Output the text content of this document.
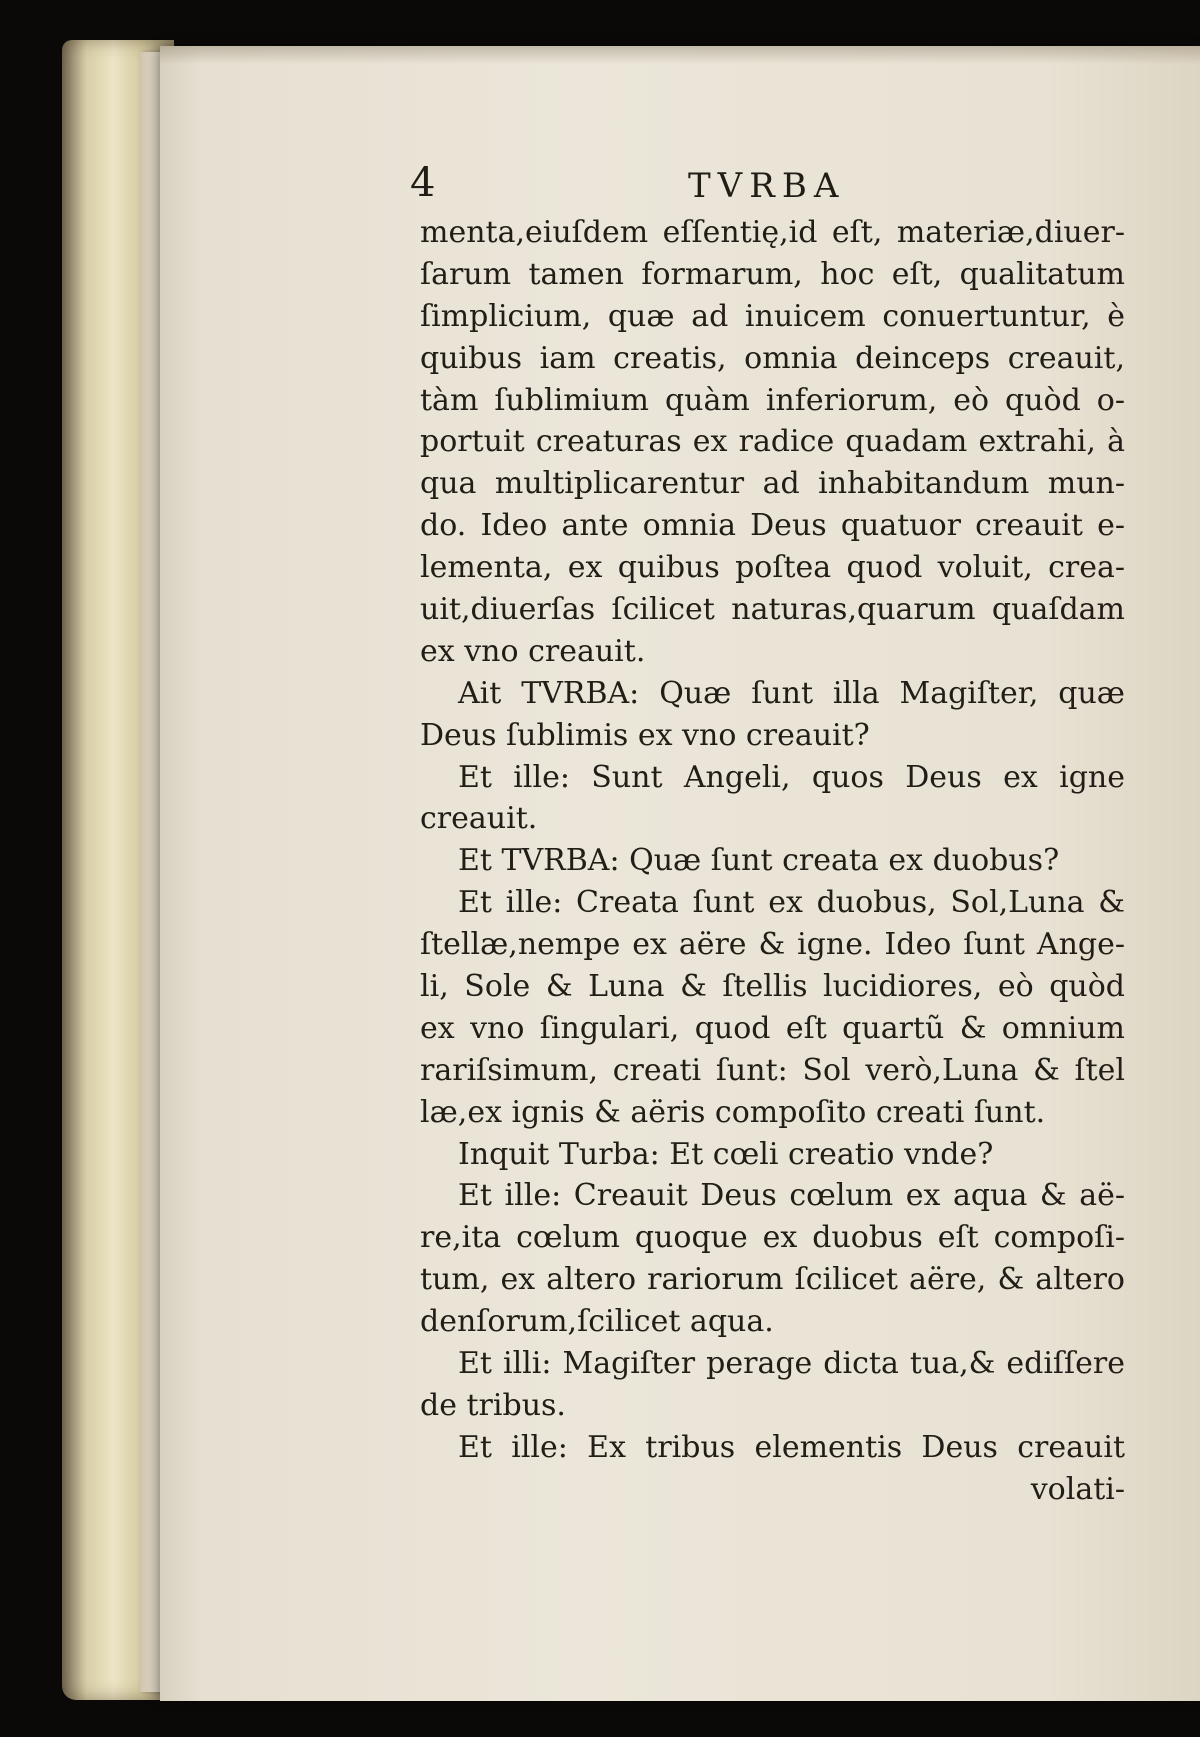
4	TVRBA
menta,eiuſdem eſſentię,id eſt, materiæ,diuer-
ſarum tamen formarum, hoc eſt, qualitatum
ſimplicium, quæ ad inuicem conuertuntur, è
quibus iam creatis, omnia deinceps creauit,
tàm ſublimium quàm inferiorum, eò quòd o-
portuit creaturas ex radice quadam extrahi, à
qua multiplicarentur ad inhabitandum mun-
do. Ideo ante omnia Deus quatuor creauit e-
lementa, ex quibus poſtea quod voluit, crea-
uit,diuerſas ſcilicet naturas,quarum quaſdam
ex vno creauit.
Ait TVRBA: Quæ ſunt illa Magiſter, quæ
Deus ſublimis ex vno creauit?
Et ille: Sunt Angeli, quos Deus ex igne
creauit.
Et TVRBA: Quæ ſunt creata ex duobus?
Et ille: Creata ſunt ex duobus, Sol,Luna &
ſtellæ,nempe ex aëre & igne. Ideo ſunt Ange-
li, Sole & Luna & ſtellis lucidiores, eò quòd
ex vno ſingulari, quod eſt quartũ & omnium
rariſsimum, creati ſunt: Sol verò,Luna & ſtel
læ,ex ignis & aëris compoſito creati ſunt.
Inquit Turba: Et cœli creatio vnde?
Et ille: Creauit Deus cœlum ex aqua & aë-
re,ita cœlum quoque ex duobus eſt compoſi-
tum, ex altero rariorum ſcilicet aëre, & altero
denſorum,ſcilicet aqua.
Et illi: Magiſter perage dicta tua,& ediſſere
de tribus.
Et ille: Ex tribus elementis Deus creauit
volati-
